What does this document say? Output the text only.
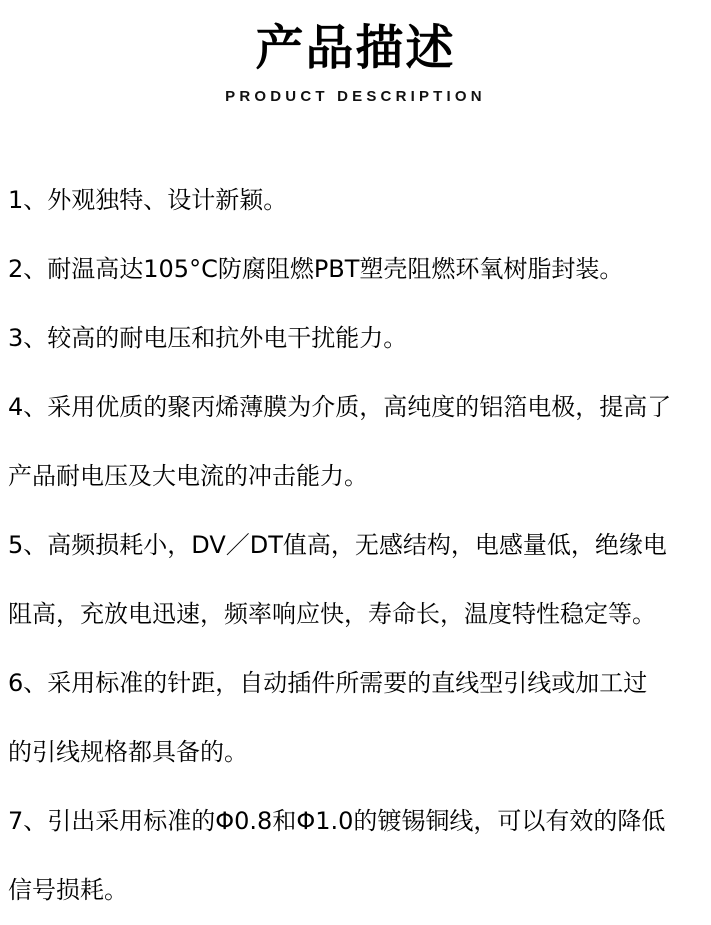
产品描述
PRODUCT DESCRIPTION
1、外观独特、设计新颖。
2、耐温高达105°C防腐阻燃PBT塑壳阻燃环氧树脂封装。
3、较高的耐电压和抗外电干扰能力。
4、采用优质的聚丙烯薄膜为介质，高纯度的铝箔电极，提高了
产品耐电压及大电流的冲击能力。
5、高频损耗小，DV／DT值高，无感结构，电感量低，绝缘电
阻高，充放电迅速，频率响应快，寿命长，温度特性稳定等。
6、采用标准的针距，自动插件所需要的直线型引线或加工过
的引线规格都具备的。
7、引出采用标准的Φ0.8和Φ1.0的镀锡铜线，可以有效的降低
信号损耗。
